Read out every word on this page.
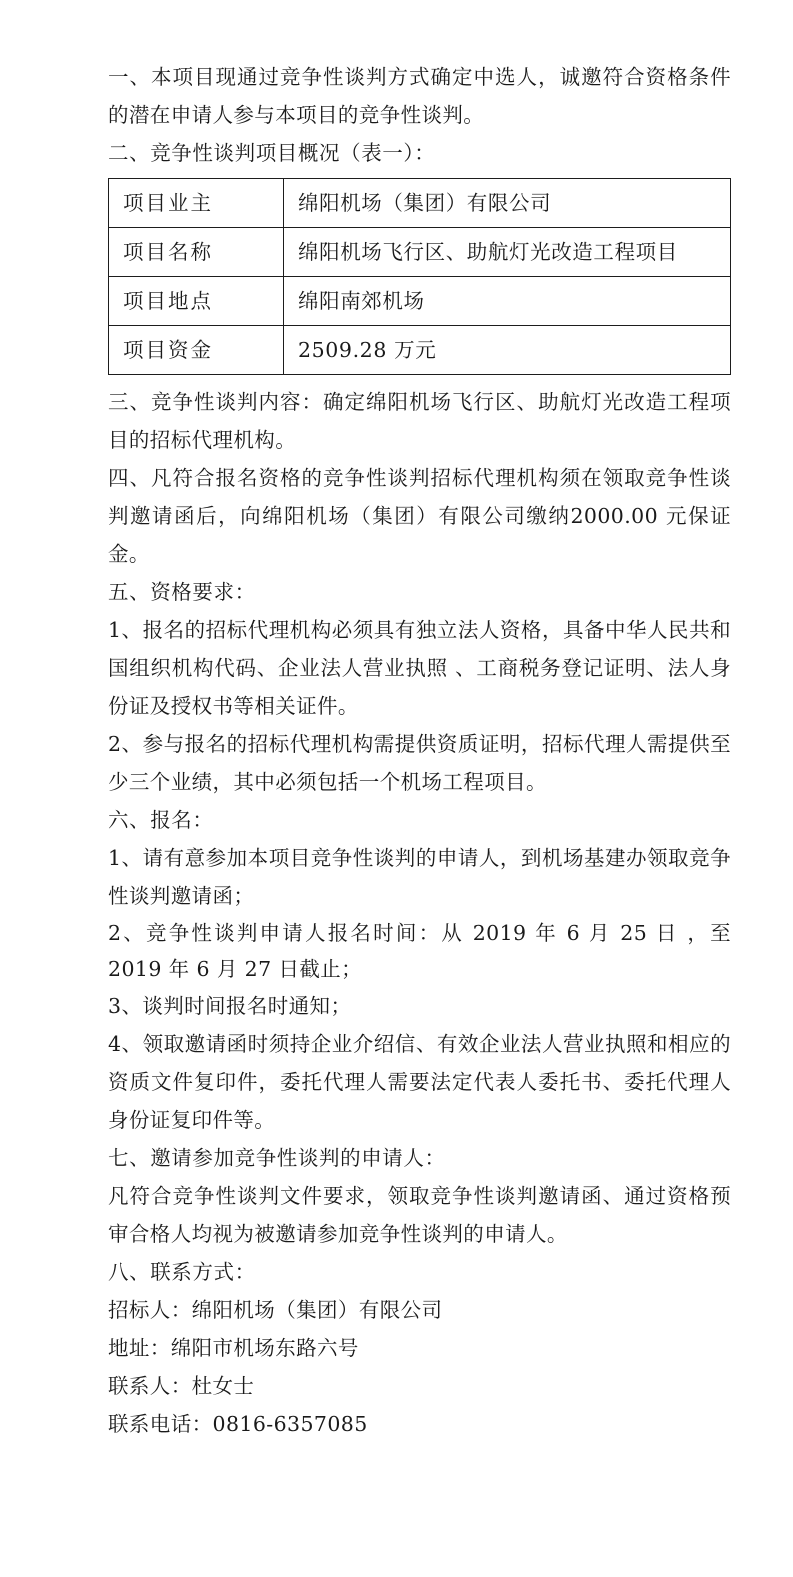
一、本项目现通过竞争性谈判方式确定中选人，诚邀符合资格条件的潜在申请人参与本项目的竞争性谈判。

二、竞争性谈判项目概况（表一）：

项目业主	绵阳机场（集团）有限公司
项目名称	绵阳机场飞行区、助航灯光改造工程项目
项目地点	绵阳南郊机场
项目资金	2509.28 万元

三、竞争性谈判内容：确定绵阳机场飞行区、助航灯光改造工程项目的招标代理机构。

四、凡符合报名资格的竞争性谈判招标代理机构须在领取竞争性谈判邀请函后，向绵阳机场（集团）有限公司缴纳2000.00 元保证金。

五、资格要求：

1、报名的招标代理机构必须具有独立法人资格，具备中华人民共和国组织机构代码、企业法人营业执照 、工商税务登记证明、法人身份证及授权书等相关证件。

2、参与报名的招标代理机构需提供资质证明，招标代理人需提供至少三个业绩，其中必须包括一个机场工程项目。

六、报名：

1、请有意参加本项目竞争性谈判的申请人，到机场基建办领取竞争性谈判邀请函；

2、竞争性谈判申请人报名时间：从 2019 年 6 月 25 日 ，至 2019 年 6 月 27 日截止；

3、谈判时间报名时通知；

4、领取邀请函时须持企业介绍信、有效企业法人营业执照和相应的资质文件复印件，委托代理人需要法定代表人委托书、委托代理人身份证复印件等。

七、邀请参加竞争性谈判的申请人：

凡符合竞争性谈判文件要求，领取竞争性谈判邀请函、通过资格预审合格人均视为被邀请参加竞争性谈判的申请人。

八、联系方式：

招标人：绵阳机场（集团）有限公司

地址：绵阳市机场东路六号

联系人：杜女士

联系电话：0816-6357085
